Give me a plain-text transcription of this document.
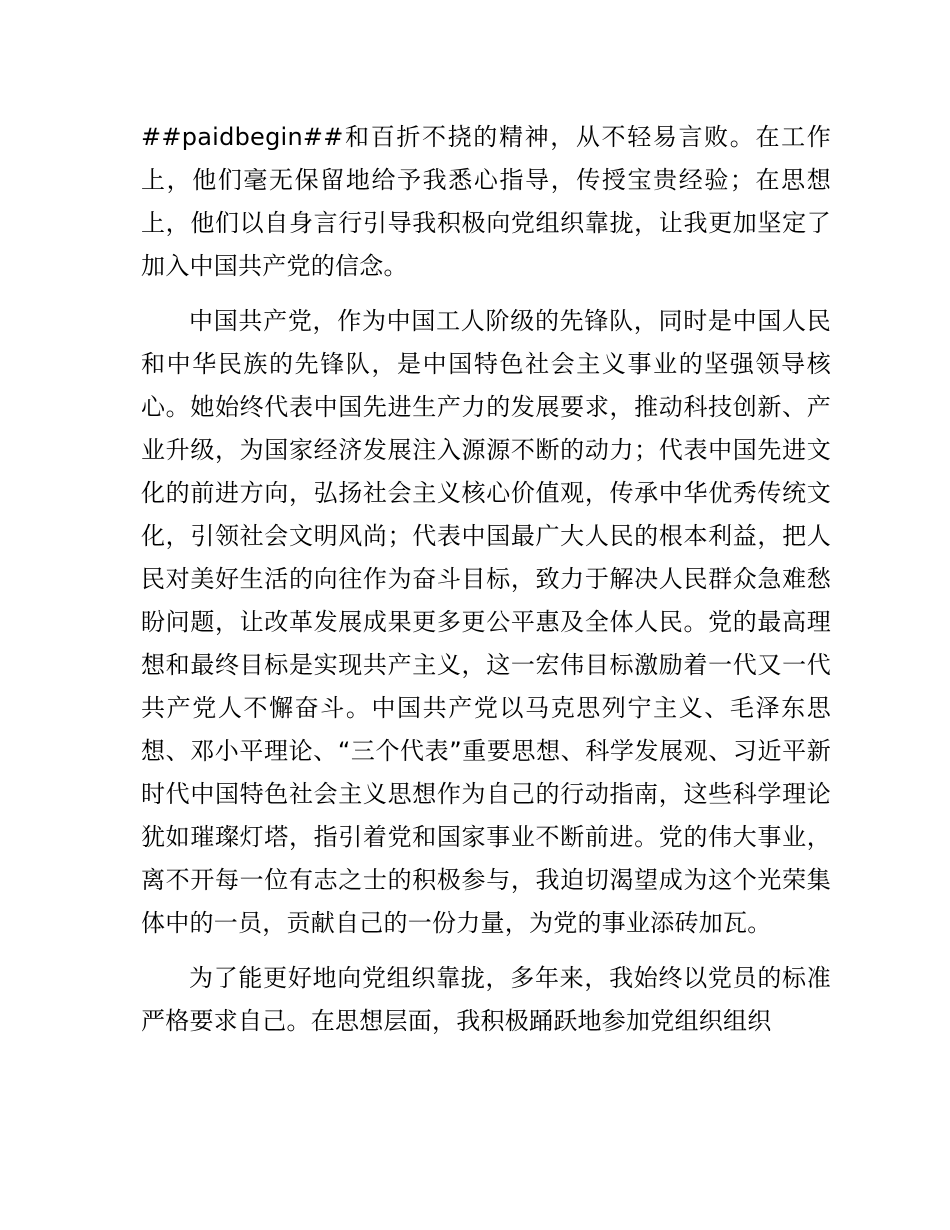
##paidbegin##和百折不挠的精神，从不轻易言败。在工作上，他们毫无保留地给予我悉心指导，传授宝贵经验；在思想上，他们以自身言行引导我积极向党组织靠拢，让我更加坚定了加入中国共产党的信念。

中国共产党，作为中国工人阶级的先锋队，同时是中国人民和中华民族的先锋队，是中国特色社会主义事业的坚强领导核心。她始终代表中国先进生产力的发展要求，推动科技创新、产业升级，为国家经济发展注入源源不断的动力；代表中国先进文化的前进方向，弘扬社会主义核心价值观，传承中华优秀传统文化，引领社会文明风尚；代表中国最广大人民的根本利益，把人民对美好生活的向往作为奋斗目标，致力于解决人民群众急难愁盼问题，让改革发展成果更多更公平惠及全体人民。党的最高理想和最终目标是实现共产主义，这一宏伟目标激励着一代又一代共产党人不懈奋斗。中国共产党以马克思列宁主义、毛泽东思想、邓小平理论、“三个代表”重要思想、科学发展观、习近平新时代中国特色社会主义思想作为自己的行动指南，这些科学理论犹如璀璨灯塔，指引着党和国家事业不断前进。党的伟大事业，离不开每一位有志之士的积极参与，我迫切渴望成为这个光荣集体中的一员，贡献自己的一份力量，为党的事业添砖加瓦。

为了能更好地向党组织靠拢，多年来，我始终以党员的标准严格要求自己。在思想层面，我积极踊跃地参加党组织组织
